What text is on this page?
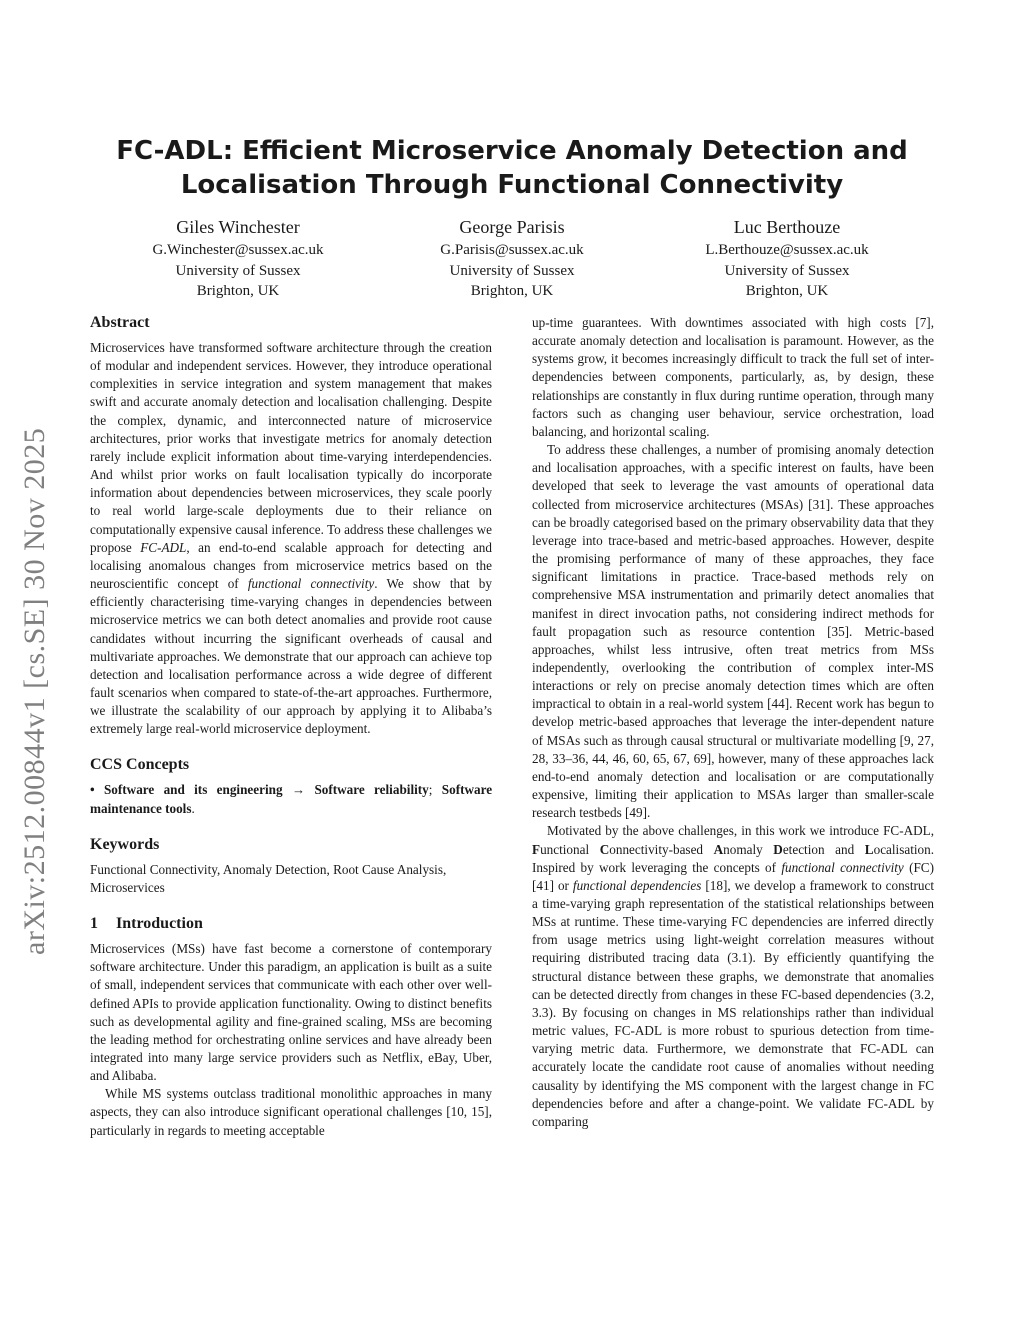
arXiv:2512.00844v1 [cs.SE] 30 Nov 2025
FC-ADL: Efficient Microservice Anomaly Detection and
Localisation Through Functional Connectivity
Giles Winchester
G.Winchester@sussex.ac.uk
University of Sussex
Brighton, UK
George Parisis
G.Parisis@sussex.ac.uk
University of Sussex
Brighton, UK
Luc Berthouze
L.Berthouze@sussex.ac.uk
University of Sussex
Brighton, UK
Abstract

Microservices have transformed software architecture through the creation of modular and independent services. However, they introduce operational complexities in service integration and system management that makes swift and accurate anomaly detection and localisation challenging. Despite the complex, dynamic, and interconnected nature of microservice architectures, prior works that investigate metrics for anomaly detection rarely include explicit information about time-varying interdependencies. And whilst prior works on fault localisation typically do incorporate information about dependencies between microservices, they scale poorly to real world large-scale deployments due to their reliance on computationally expensive causal inference. To address these challenges we propose FC-ADL, an end-to-end scalable approach for detecting and localising anomalous changes from microservice metrics based on the neuroscientific concept of functional connectivity. We show that by efficiently characterising time-varying changes in dependencies between microservice metrics we can both detect anomalies and provide root cause candidates without incurring the significant overheads of causal and multivariate approaches. We demonstrate that our approach can achieve top detection and localisation performance across a wide degree of different fault scenarios when compared to state-of-the-art approaches. Furthermore, we illustrate the scalability of our approach by applying it to Alibaba’s extremely large real-world microservice deployment.

CCS Concepts

• Software and its engineering → Software reliability; Software maintenance tools.

Keywords

Functional Connectivity, Anomaly Detection, Root Cause Analysis, Microservices

1 Introduction

Microservices (MSs) have fast become a cornerstone of contemporary software architecture. Under this paradigm, an application is built as a suite of small, independent services that communicate with each other over well-defined APIs to provide application functionality. Owing to distinct benefits such as developmental agility and fine-grained scaling, MSs are becoming the leading method for orchestrating online services and have already been integrated into many large service providers such as Netflix, eBay, Uber, and Alibaba.

While MS systems outclass traditional monolithic approaches in many aspects, they can also introduce significant operational challenges [10, 15], particularly in regards to meeting acceptable

up-time guarantees. With downtimes associated with high costs [7], accurate anomaly detection and localisation is paramount. However, as the systems grow, it becomes increasingly difficult to track the full set of inter-dependencies between components, particularly, as, by design, these relationships are constantly in flux during runtime operation, through many factors such as changing user behaviour, service orchestration, load balancing, and horizontal scaling.

To address these challenges, a number of promising anomaly detection and localisation approaches, with a specific interest on faults, have been developed that seek to leverage the vast amounts of operational data collected from microservice architectures (MSAs) [31]. These approaches can be broadly categorised based on the primary observability data that they leverage into trace-based and metric-based approaches. However, despite the promising performance of many of these approaches, they face significant limitations in practice. Trace-based methods rely on comprehensive MSA instrumentation and primarily detect anomalies that manifest in direct invocation paths, not considering indirect methods for fault propagation such as resource contention [35]. Metric-based approaches, whilst less intrusive, often treat metrics from MSs independently, overlooking the contribution of complex inter-MS interactions or rely on precise anomaly detection times which are often impractical to obtain in a real-world system [44]. Recent work has begun to develop metric-based approaches that leverage the inter-dependent nature of MSAs such as through causal structural or multivariate modelling [9, 27, 28, 33–36, 44, 46, 60, 65, 67, 69], however, many of these approaches lack end-to-end anomaly detection and localisation or are computationally expensive, limiting their application to MSAs larger than smaller-scale research testbeds [49].

Motivated by the above challenges, in this work we introduce FC-ADL, Functional Connectivity-based Anomaly Detection and Localisation. Inspired by work leveraging the concepts of functional connectivity (FC) [41] or functional dependencies [18], we develop a framework to construct a time-varying graph representation of the statistical relationships between MSs at runtime. These time-varying FC dependencies are inferred directly from usage metrics using light-weight correlation measures without requiring distributed tracing data (3.1). By efficiently quantifying the structural distance between these graphs, we demonstrate that anomalies can be detected directly from changes in these FC-based dependencies (3.2, 3.3). By focusing on changes in MS relationships rather than individual metric values, FC-ADL is more robust to spurious detection from time-varying metric data. Furthermore, we demonstrate that FC-ADL can accurately locate the candidate root cause of anomalies without needing causality by identifying the MS component with the largest change in FC dependencies before and after a change-point. We validate FC-ADL by comparing
